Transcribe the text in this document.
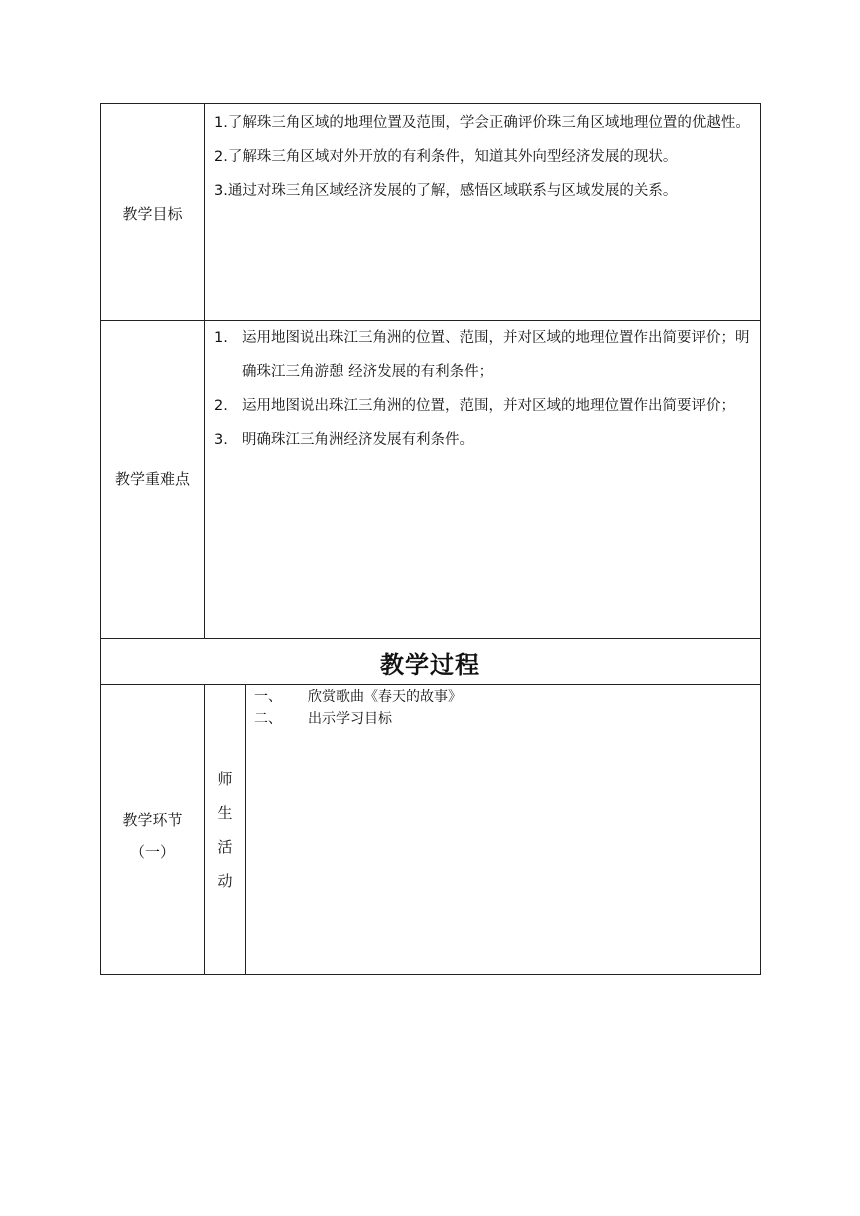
教学目标

1.了解珠三角区域的地理位置及范围，学会正确评价珠三角区域地理位置的优越性。

2.了解珠三角区域对外开放的有利条件，知道其外向型经济发展的现状。

3.通过对珠三角区域经济发展的了解，感悟区域联系与区域发展的关系。

教学重难点

1. 运用地图说出珠江三角洲的位置、范围，并对区域的地理位置作出简要评价；明确珠江三角游憩 经济发展的有利条件；

2. 运用地图说出珠江三角洲的位置，范围，并对区域的地理位置作出简要评价；

3. 明确珠江三角洲经济发展有利条件。

教学过程
教学环节
（一）
师
生
活
动
一、	欣赏歌曲《春天的故事》
二、	出示学习目标
